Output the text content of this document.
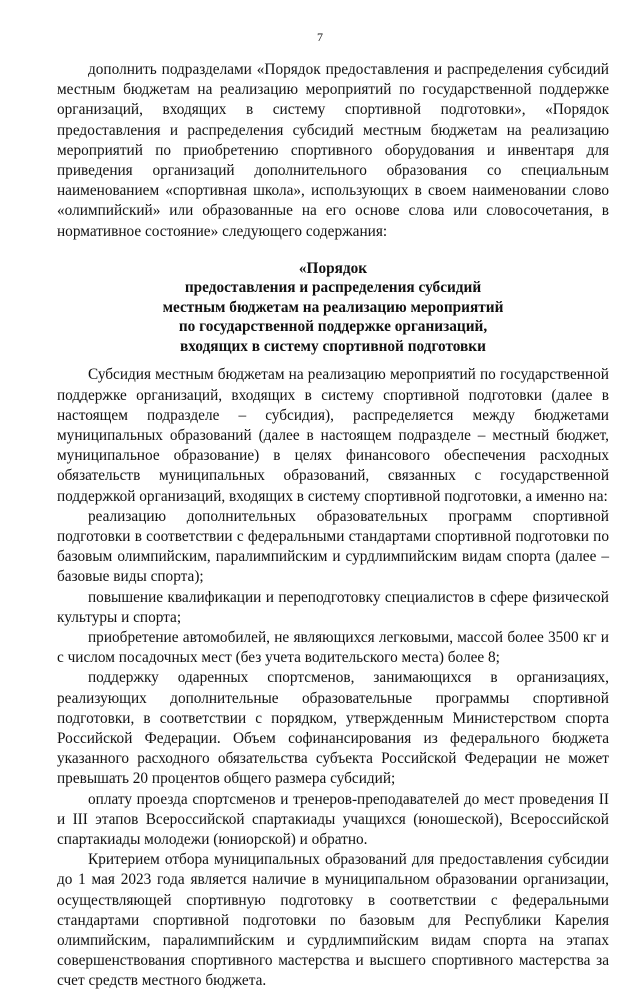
7

дополнить подразделами «Порядок предоставления и распределения субсидий местным бюджетам на реализацию мероприятий по государственной поддержке организаций, входящих в систему спортивной подготовки», «Порядок предоставления и распределения субсидий местным бюджетам на реализацию мероприятий по приобретению спортивного оборудования и инвентаря для приведения организаций дополнительного образования со специальным наименованием «спортивная школа», использующих в своем наименовании слово «олимпийский» или образованные на его основе слова или словосочетания, в нормативное состояние» следующего содержания:

«Порядок
предоставления и распределения субсидий
местным бюджетам на реализацию мероприятий
по государственной поддержке организаций,
входящих в систему спортивной подготовки

Субсидия местным бюджетам на реализацию мероприятий по государственной поддержке организаций, входящих в систему спортивной подготовки (далее в настоящем подразделе – субсидия), распределяется между бюджетами муниципальных образований (далее в настоящем подразделе – местный бюджет, муниципальное образование) в целях финансового обеспечения расходных обязательств муниципальных образований, связанных с государственной поддержкой организаций, входящих в систему спортивной подготовки, а именно на:

реализацию дополнительных образовательных программ спортивной подготовки в соответствии с федеральными стандартами спортивной подготовки по базовым олимпийским, паралимпийским и сурдлимпийским видам спорта (далее – базовые виды спорта);

повышение квалификации и переподготовку специалистов в сфере физической культуры и спорта;

приобретение автомобилей, не являющихся легковыми, массой более 3500 кг и с числом посадочных мест (без учета водительского места) более 8;

поддержку одаренных спортсменов, занимающихся в организациях, реализующих дополнительные образовательные программы спортивной подготовки, в соответствии с порядком, утвержденным Министерством спорта Российской Федерации. Объем софинансирования из федерального бюджета указанного расходного обязательства субъекта Российской Федерации не может превышать 20 процентов общего размера субсидий;

оплату проезда спортсменов и тренеров-преподавателей до мест проведения II и III этапов Всероссийской спартакиады учащихся (юношеской), Всероссийской спартакиады молодежи (юниорской) и обратно.

Критерием отбора муниципальных образований для предоставления субсидии до 1 мая 2023 года является наличие в муниципальном образовании организации, осуществляющей спортивную подготовку в соответствии с федеральными стандартами спортивной подготовки по базовым для Республики Карелия олимпийским, паралимпийским и сурдлимпийским видам спорта на этапах совершенствования спортивного мастерства и высшего спортивного мастерства за счет средств местного бюджета.
